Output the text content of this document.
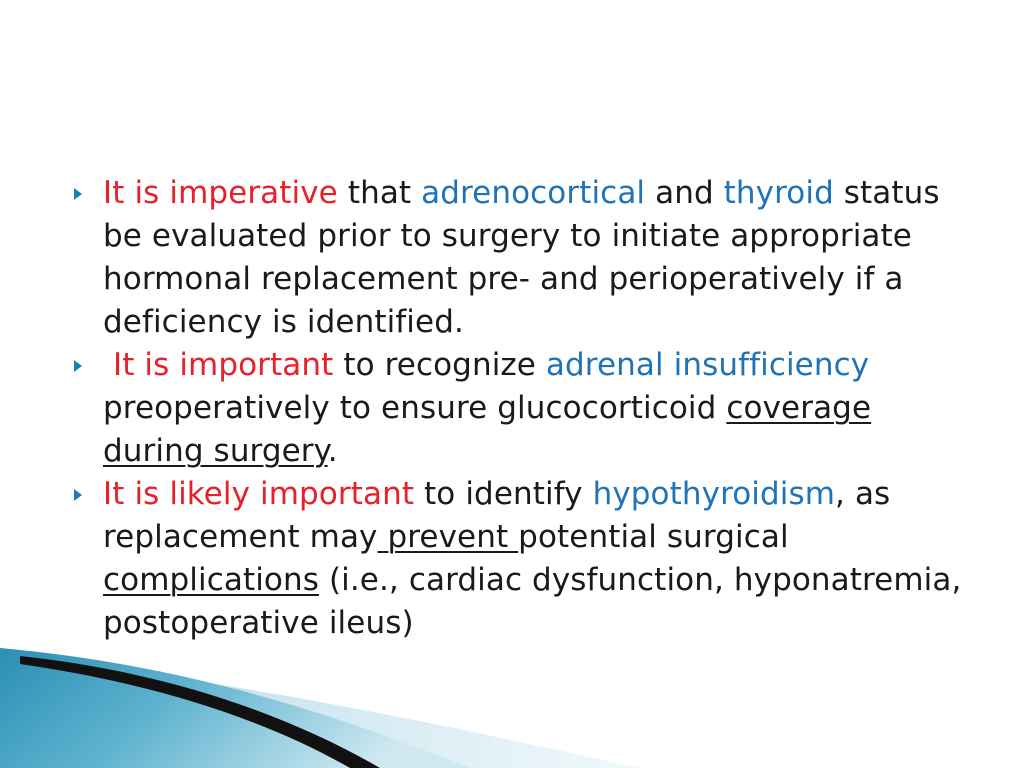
It is imperative that adrenocortical and thyroid status be evaluated prior to surgery to initiate appropriate hormonal replacement pre- and perioperatively if a deficiency is identified.
It is important to recognize adrenal insufficiency preoperatively to ensure glucocorticoid coverage during surgery.
It is likely important to identify hypothyroidism, as replacement may prevent potential surgical complications (i.e., cardiac dysfunction, hyponatremia, postoperative ileus)
